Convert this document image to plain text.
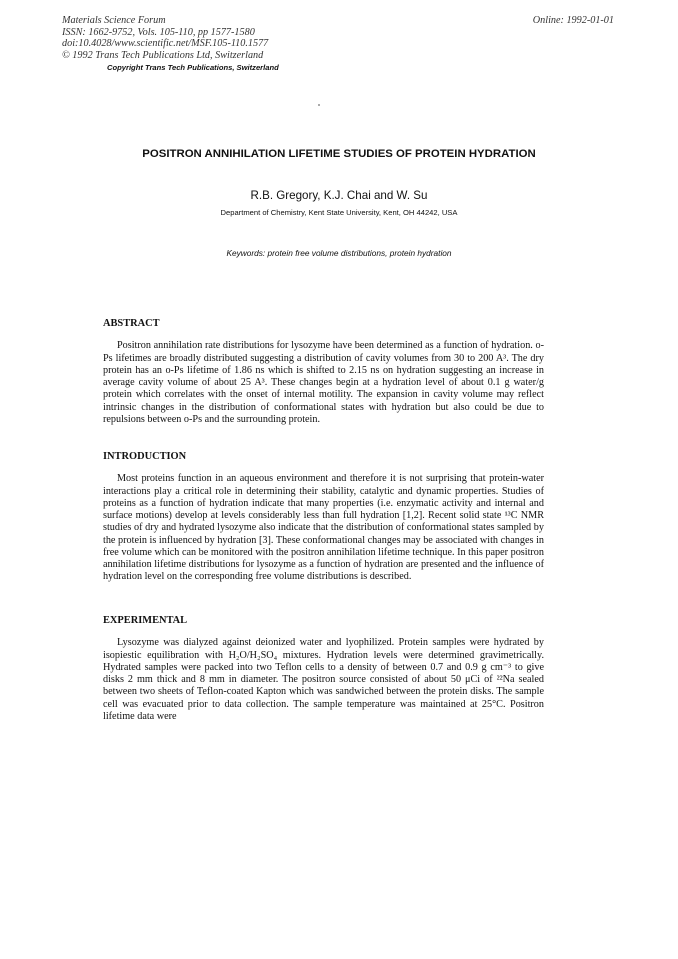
Materials Science Forum
ISSN: 1662-9752, Vols. 105-110, pp 1577-1580
doi:10.4028/www.scientific.net/MSF.105-110.1577
© 1992 Trans Tech Publications Ltd, Switzerland
Copyright Trans Tech Publications, Switzerland
Online: 1992-01-01
POSITRON ANNIHILATION LIFETIME STUDIES OF PROTEIN HYDRATION
R.B. Gregory, K.J. Chai and W. Su
Department of Chemistry, Kent State University, Kent, OH 44242, USA
Keywords: protein free volume distributions, protein hydration
ABSTRACT

Positron annihilation rate distributions for lysozyme have been determined as a function of hydration. o-Ps lifetimes are broadly distributed suggesting a distribution of cavity volumes from 30 to 200 A³. The dry protein has an o-Ps lifetime of 1.86 ns which is shifted to 2.15 ns on hydration suggesting an increase in average cavity volume of about 25 A³. These changes begin at a hydration level of about 0.1 g water/g protein which correlates with the onset of internal motility. The expansion in cavity volume may reflect intrinsic changes in the distribution of conformational states with hydration but also could be due to repulsions between o-Ps and the surrounding protein.

INTRODUCTION

Most proteins function in an aqueous environment and therefore it is not surprising that protein-water interactions play a critical role in determining their stability, catalytic and dynamic properties. Studies of proteins as a function of hydration indicate that many properties (i.e. enzymatic activity and internal and surface motions) develop at levels considerably less than full hydration [1,2]. Recent solid state ¹³C NMR studies of dry and hydrated lysozyme also indicate that the distribution of conformational states sampled by the protein is influenced by hydration [3]. These conformational changes may be associated with changes in free volume which can be monitored with the positron annihilation lifetime technique. In this paper positron annihilation lifetime distributions for lysozyme as a function of hydration are presented and the influence of hydration level on the corresponding free volume distributions is described.

EXPERIMENTAL

Lysozyme was dialyzed against deionized water and lyophilized. Protein samples were hydrated by isopiestic equilibration with H₂O/H₂SO₄ mixtures. Hydration levels were determined gravimetrically. Hydrated samples were packed into two Teflon cells to a density of between 0.7 and 0.9 g cm⁻³ to give disks 2 mm thick and 8 mm in diameter. The positron source consisted of about 50 μCi of ²²Na sealed between two sheets of Teflon-coated Kapton which was sandwiched between the protein disks. The sample cell was evacuated prior to data collection. The sample temperature was maintained at 25°C. Positron lifetime data were
